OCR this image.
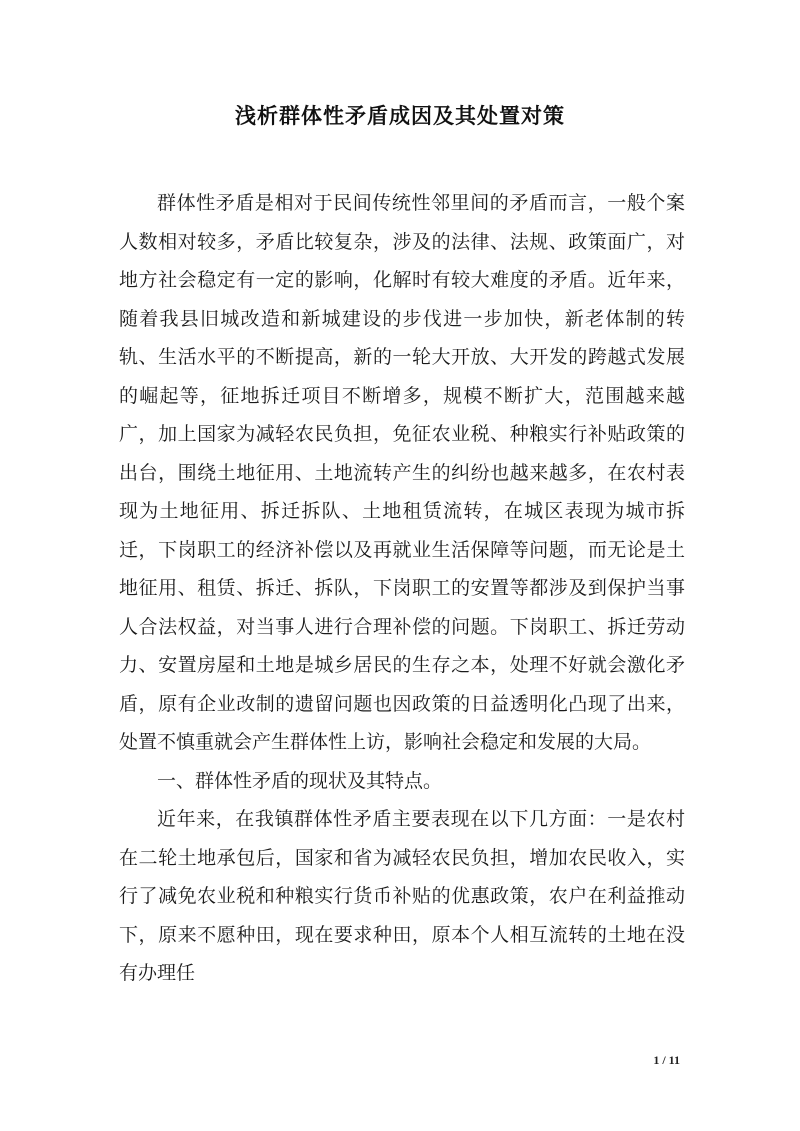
浅析群体性矛盾成因及其处置对策

群体性矛盾是相对于民间传统性邻里间的矛盾而言，一般个案人数相对较多，矛盾比较复杂，涉及的法律、法规、政策面广，对地方社会稳定有一定的影响，化解时有较大难度的矛盾。近年来，随着我县旧城改造和新城建设的步伐进一步加快，新老体制的转轨、生活水平的不断提高，新的一轮大开放、大开发的跨越式发展的崛起等，征地拆迁项目不断增多，规模不断扩大，范围越来越广，加上国家为减轻农民负担，免征农业税、种粮实行补贴政策的出台，围绕土地征用、土地流转产生的纠纷也越来越多，在农村表现为土地征用、拆迁拆队、土地租赁流转，在城区表现为城市拆迁，下岗职工的经济补偿以及再就业生活保障等问题，而无论是土地征用、租赁、拆迁、拆队，下岗职工的安置等都涉及到保护当事人合法权益，对当事人进行合理补偿的问题。下岗职工、拆迁劳动力、安置房屋和土地是城乡居民的生存之本，处理不好就会激化矛盾，原有企业改制的遗留问题也因政策的日益透明化凸现了出来，处置不慎重就会产生群体性上访，影响社会稳定和发展的大局。

一、群体性矛盾的现状及其特点。

近年来，在我镇群体性矛盾主要表现在以下几方面：一是农村在二轮土地承包后，国家和省为减轻农民负担，增加农民收入，实行了减免农业税和种粮实行货币补贴的优惠政策，农户在利益推动下，原来不愿种田，现在要求种田，原本个人相互流转的土地在没有办理任

1 / 11
